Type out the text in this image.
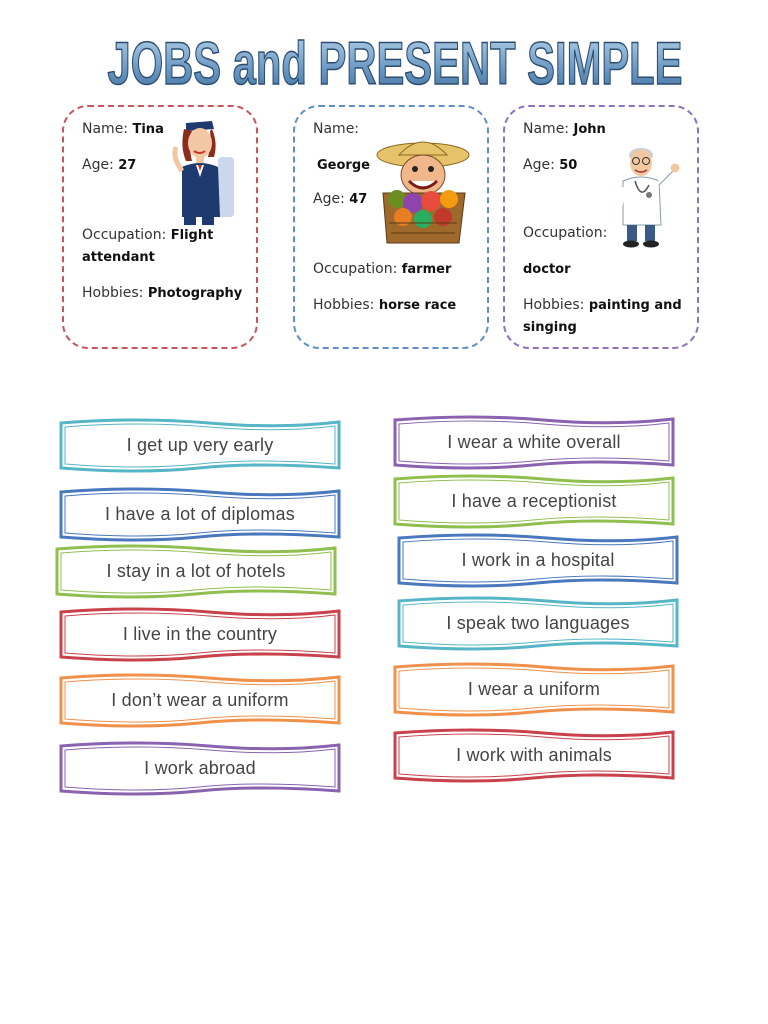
JOBS and PRESENT SIMPLE
Name: Tina
Age: 27
Occupation: Flight
attendant
Hobbies: Photography
Name:
George
Age: 47
Occupation: farmer
Hobbies: horse race
Name: John
Age: 50
Occupation:
doctor
Hobbies: painting and
singing
I get up very early
I have a lot of diplomas
I stay in a lot of hotels
I live in the country
I don’t wear a uniform
I work abroad
I wear a white overall
I have a receptionist
I work in a hospital
I speak two languages
I wear a uniform
I work with animals
